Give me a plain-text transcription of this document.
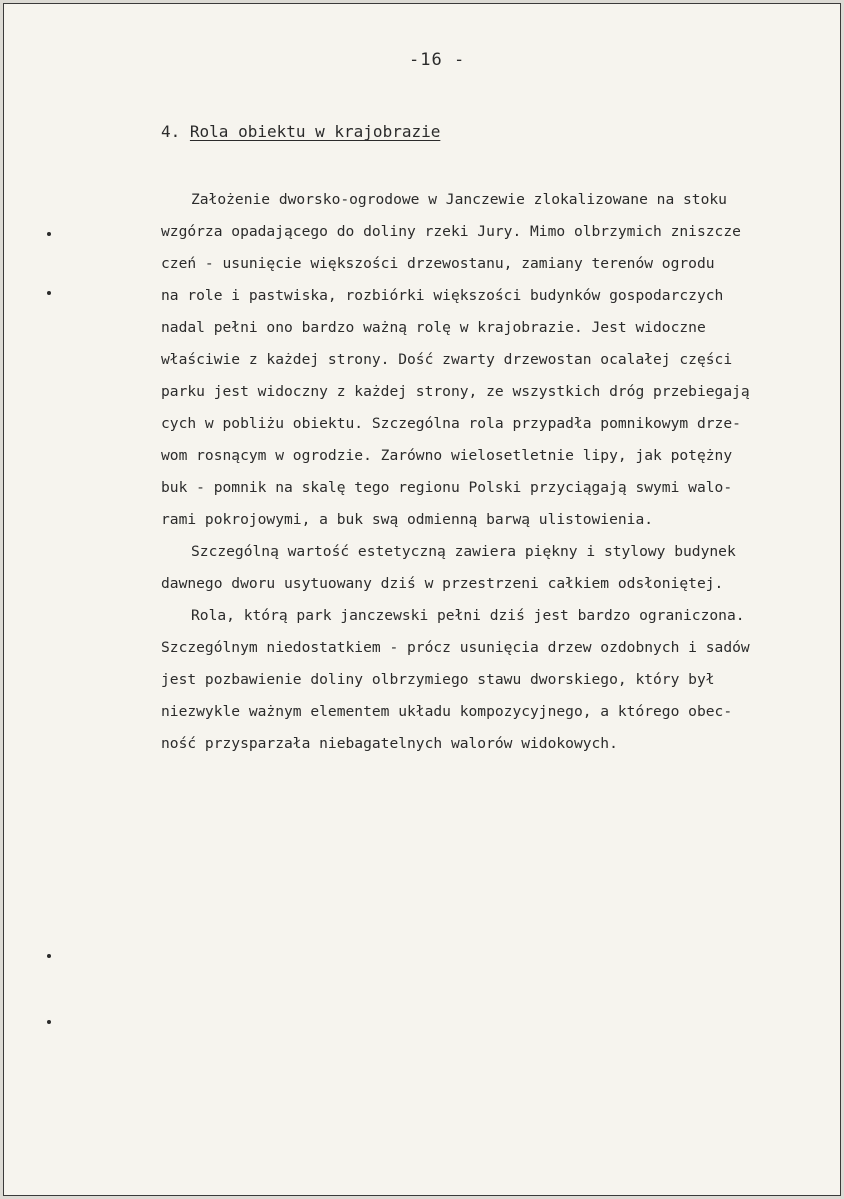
-16 -
4. Rola obiektu w krajobrazie
Założenie dworsko-ogrodowe w Janczewie zlokalizowane na stoku
wzgórza opadającego do doliny rzeki Jury. Mimo olbrzymich zniszcze
czeń - usunięcie większości drzewostanu, zamiany terenów ogrodu
na role i pastwiska, rozbiórki większości budynków gospodarczych
nadal pełni ono bardzo ważną rolę w krajobrazie. Jest widoczne
właściwie z każdej strony. Dość zwarty drzewostan ocalałej części
parku jest widoczny z każdej strony, ze wszystkich dróg przebiegają
cych w pobliżu obiektu. Szczególna rola przypadła pomnikowym drze-
wom rosnącym w ogrodzie. Zarówno wielosetletnie lipy, jak potężny
buk - pomnik na skalę tego regionu Polski przyciągają swymi walo-
rami pokrojowymi, a buk swą odmienną barwą ulistowienia.
Szczególną wartość estetyczną zawiera piękny i stylowy budynek
dawnego dworu usytuowany dziś w przestrzeni całkiem odsłoniętej.
Rola, którą park janczewski pełni dziś jest bardzo ograniczona.
Szczególnym niedostatkiem - prócz usunięcia drzew ozdobnych i sadów
jest pozbawienie doliny olbrzymiego stawu dworskiego, który był
niezwykle ważnym elementem układu kompozycyjnego, a którego obec-
ność przysparzała niebagatelnych walorów widokowych.
